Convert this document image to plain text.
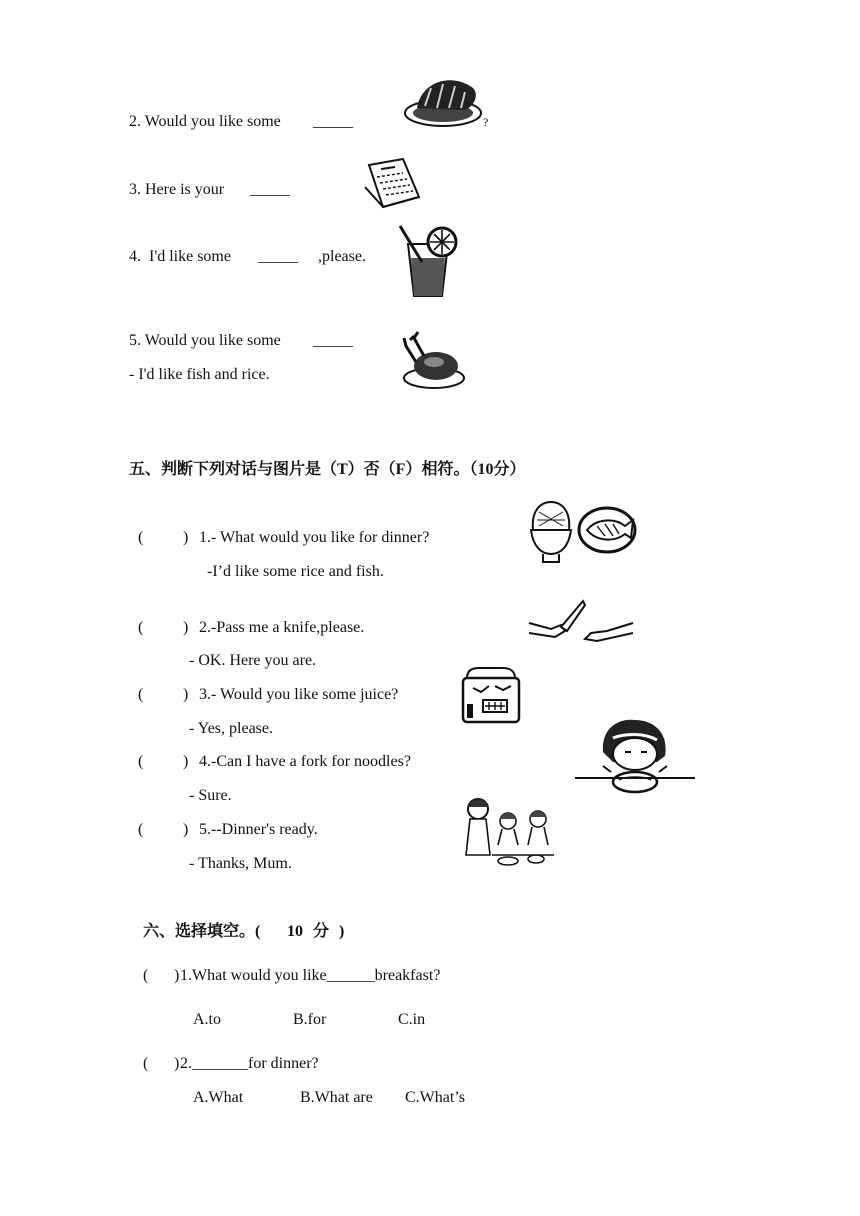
2. Would you like some _____	?
3. Here is your _____
4.  I'd like some _____ ,please.
5. Would you like some _____
- I'd like fish and rice.
五、判断下列对话与图片是（T）否（F）相符。（10分）
( ) 1.- What would you like for dinner?
-I’d like some rice and fish.
( ) 2.-Pass me a knife,please.
- OK. Here you are.
( ) 3.- Would you like some juice?
- Yes, please.
( ) 4.-Can I have a fork for noodles?
- Sure.
( ) 5.--Dinner's ready.
- Thanks, Mum.
六、选择填空。( 10 分 )
( ) 1.What would you like______breakfast?
A.to	B.for	C.in
( ) 2._______for dinner?
A.What	B.What are C.What’s
